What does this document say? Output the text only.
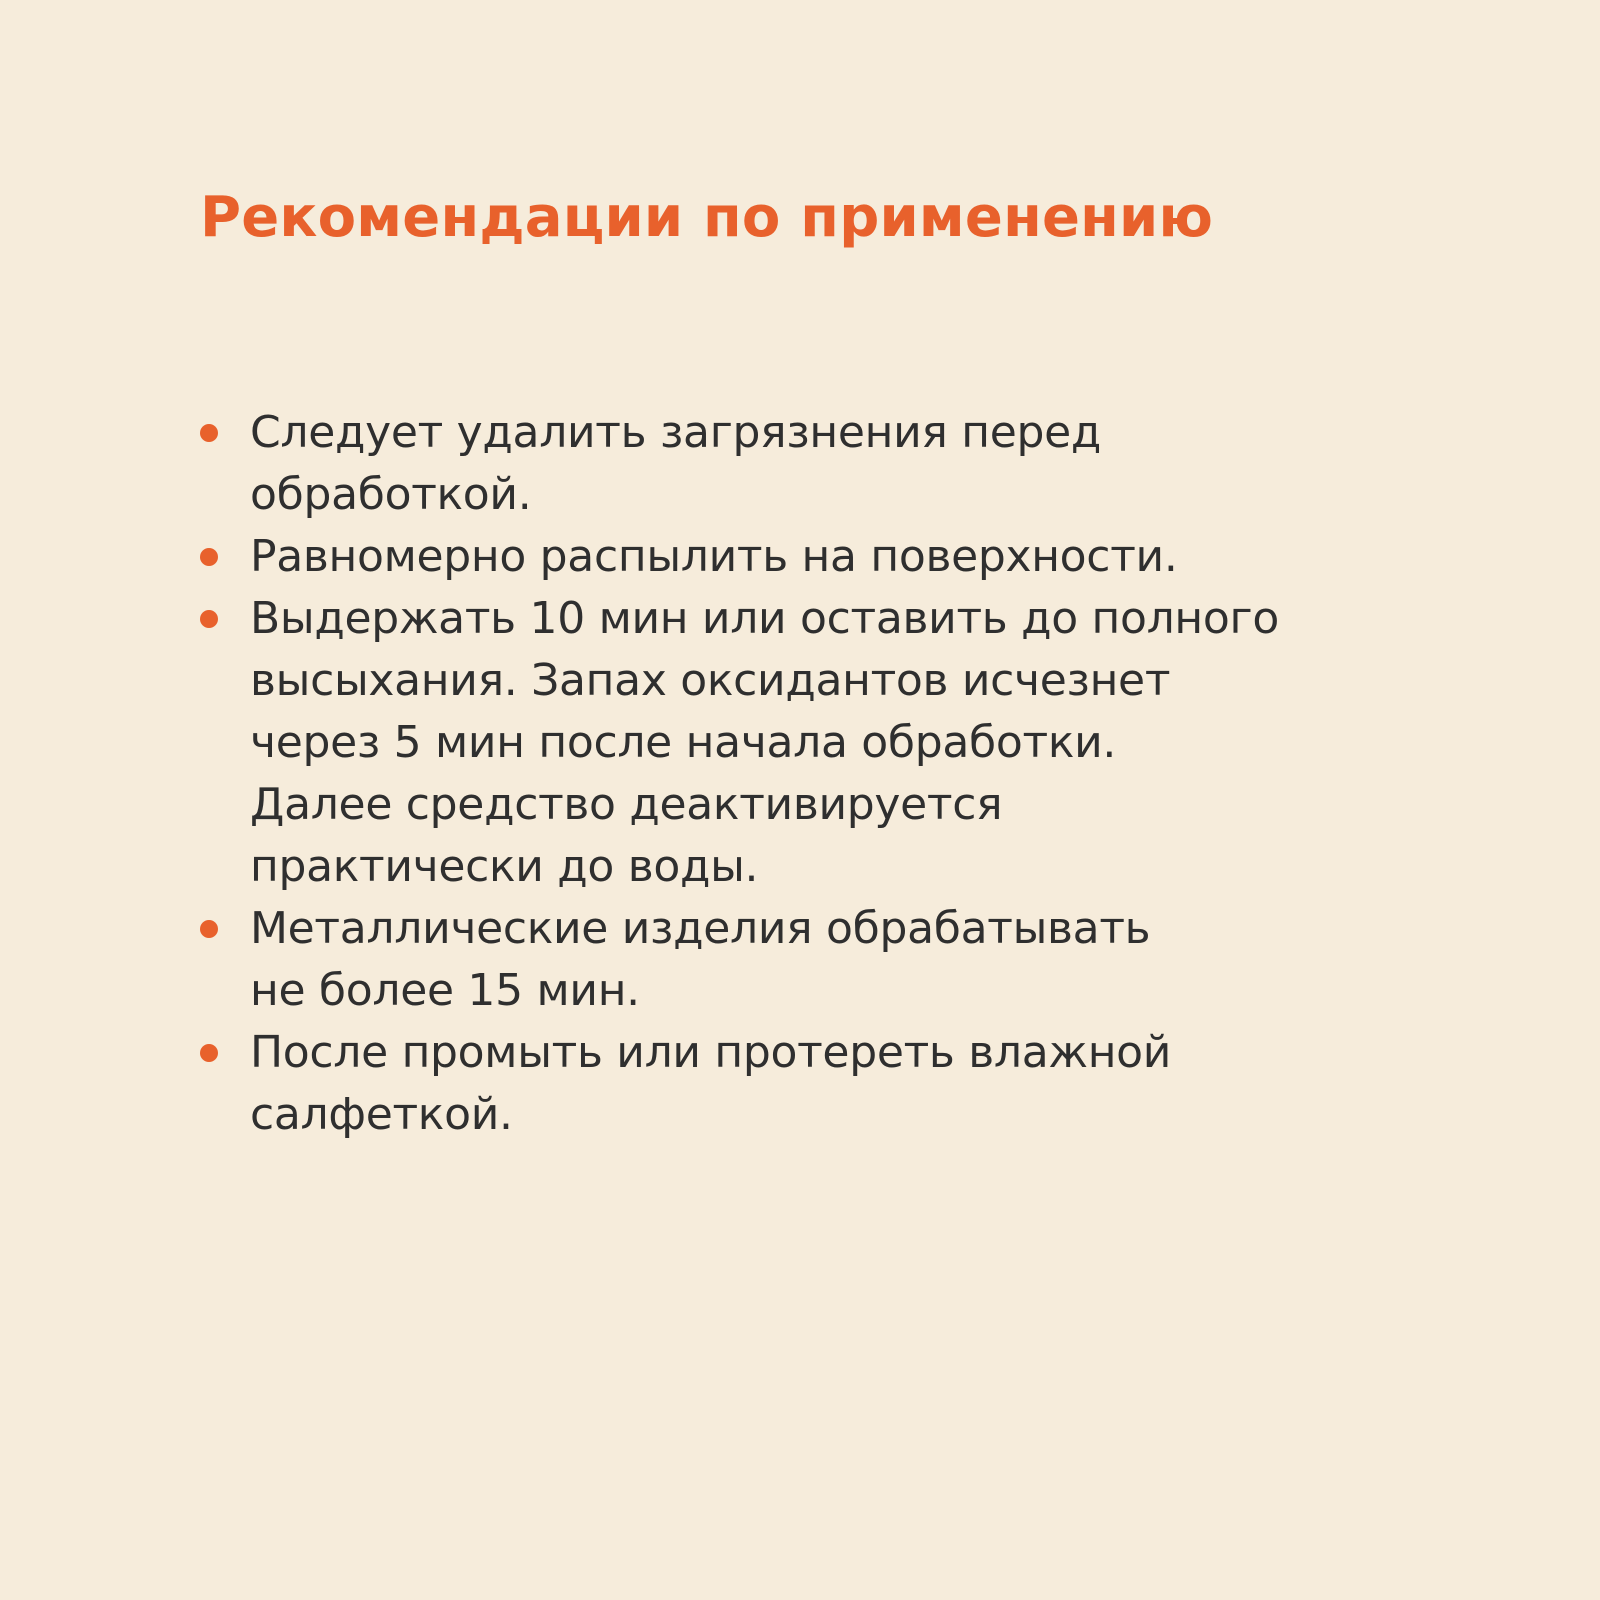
Рекомендации по применению
Следует удалить загрязнения перед
обработкой.
Равномерно распылить на поверхности.
Выдержать 10 мин или оставить до полного
высыхания. Запах оксидантов исчезнет
через 5 мин после начала обработки.
Далее средство деактивируется
практически до воды.
Металлические изделия обрабатывать
не более 15 мин.
После промыть или протереть влажной
салфеткой.
